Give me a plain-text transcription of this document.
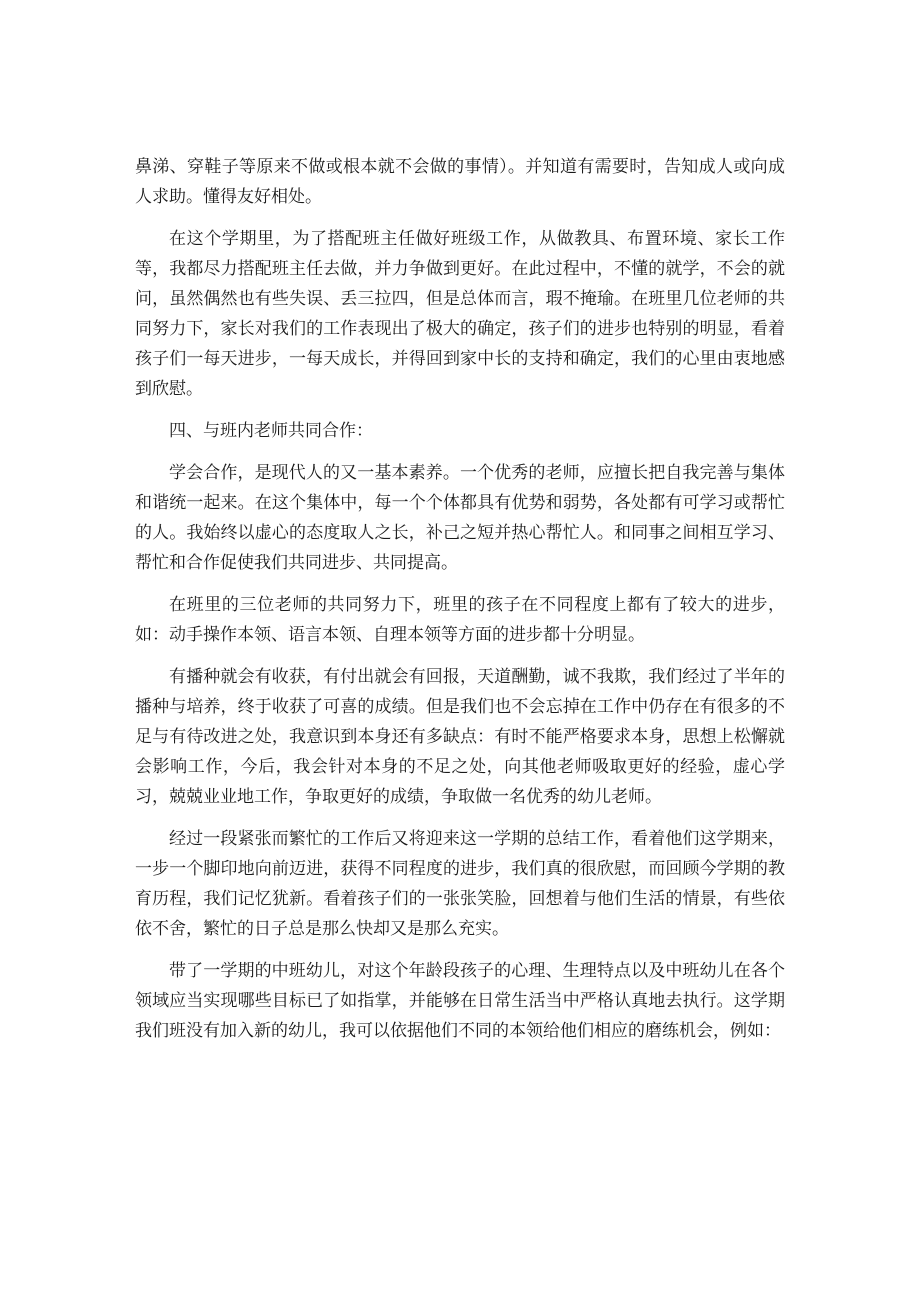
鼻涕、穿鞋子等原来不做或根本就不会做的事情）。并知道有需要时，告知成人或向成人求助。懂得友好相处。

在这个学期里，为了搭配班主任做好班级工作，从做教具、布置环境、家长工作等，我都尽力搭配班主任去做，并力争做到更好。在此过程中，不懂的就学，不会的就问，虽然偶然也有些失误、丢三拉四，但是总体而言，瑕不掩瑜。在班里几位老师的共同努力下，家长对我们的工作表现出了极大的确定，孩子们的进步也特别的明显，看着孩子们一每天进步，一每天成长，并得回到家中长的支持和确定，我们的心里由衷地感到欣慰。

四、与班内老师共同合作：

学会合作，是现代人的又一基本素养。一个优秀的老师，应擅长把自我完善与集体和谐统一起来。在这个集体中，每一个个体都具有优势和弱势，各处都有可学习或帮忙的人。我始终以虚心的态度取人之长，补己之短并热心帮忙人。和同事之间相互学习、帮忙和合作促使我们共同进步、共同提高。

在班里的三位老师的共同努力下，班里的孩子在不同程度上都有了较大的进步，如：动手操作本领、语言本领、自理本领等方面的进步都十分明显。

有播种就会有收获，有付出就会有回报，天道酬勤，诚不我欺，我们经过了半年的播种与培养，终于收获了可喜的成绩。但是我们也不会忘掉在工作中仍存在有很多的不足与有待改进之处，我意识到本身还有多缺点：有时不能严格要求本身，思想上松懈就会影响工作，今后，我会针对本身的不足之处，向其他老师吸取更好的经验，虚心学习，兢兢业业地工作，争取更好的成绩，争取做一名优秀的幼儿老师。

经过一段紧张而繁忙的工作后又将迎来这一学期的总结工作，看着他们这学期来，一步一个脚印地向前迈进，获得不同程度的进步，我们真的很欣慰，而回顾今学期的教育历程，我们记忆犹新。看着孩子们的一张张笑脸，回想着与他们生活的情景，有些依依不舍，繁忙的日子总是那么快却又是那么充实。

带了一学期的中班幼儿，对这个年龄段孩子的心理、生理特点以及中班幼儿在各个领域应当实现哪些目标已了如指掌，并能够在日常生活当中严格认真地去执行。这学期我们班没有加入新的幼儿，我可以依据他们不同的本领给他们相应的磨练机会，例如：
